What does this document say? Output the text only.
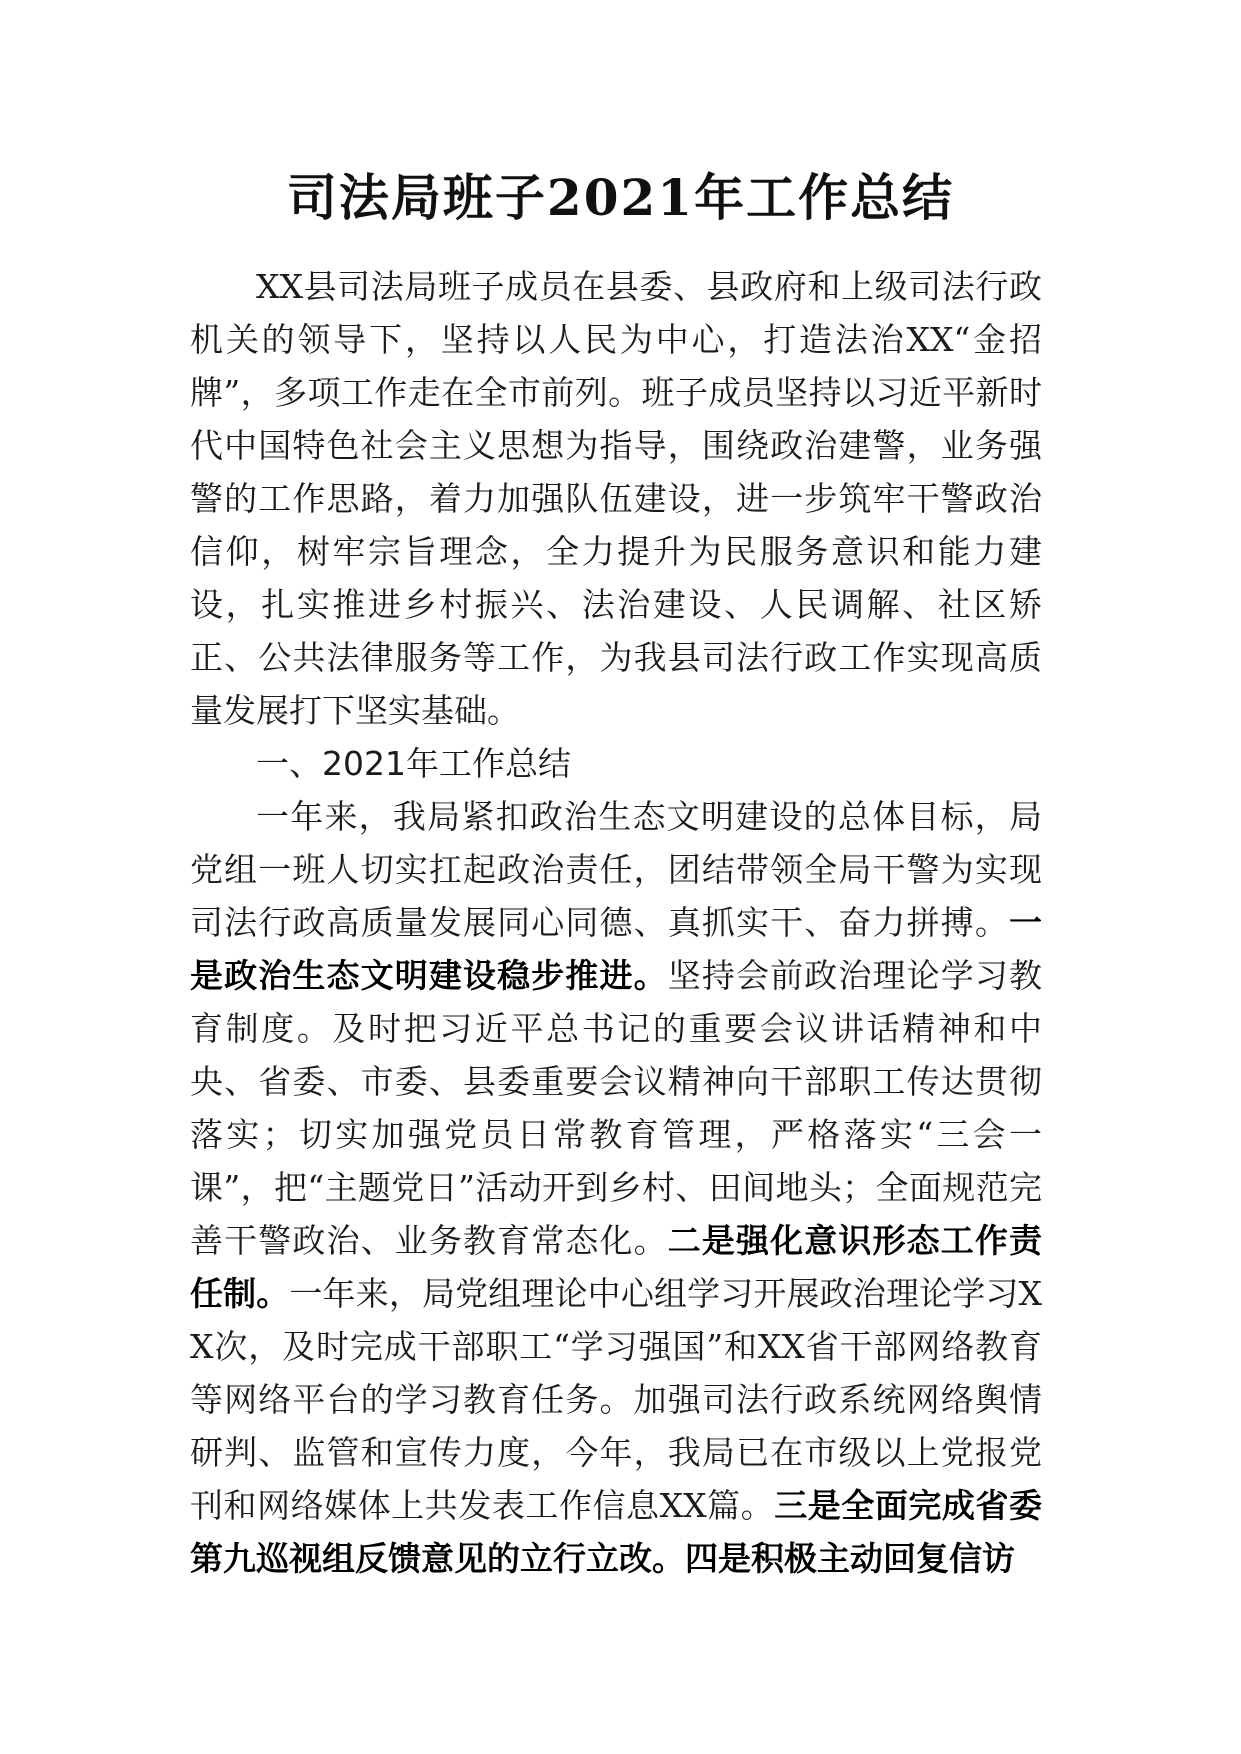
司法局班子2021年工作总结

XX县司法局班子成员在县委、县政府和上级司法行政机关的领导下，坚持以人民为中心，打造法治XX“金招牌”，多项工作走在全市前列。班子成员坚持以习近平新时代中国特色社会主义思想为指导，围绕政治建警，业务强警的工作思路，着力加强队伍建设，进一步筑牢干警政治信仰，树牢宗旨理念，全力提升为民服务意识和能力建设，扎实推进乡村振兴、法治建设、人民调解、社区矫正、公共法律服务等工作，为我县司法行政工作实现高质量发展打下坚实基础。

一、2021年工作总结

一年来，我局紧扣政治生态文明建设的总体目标，局党组一班人切实扛起政治责任，团结带领全局干警为实现司法行政高质量发展同心同德、真抓实干、奋力拼搏。一是政治生态文明建设稳步推进。坚持会前政治理论学习教育制度。及时把习近平总书记的重要会议讲话精神和中央、省委、市委、县委重要会议精神向干部职工传达贯彻落实；切实加强党员日常教育管理，严格落实“三会一课”，把“主题党日”活动开到乡村、田间地头；全面规范完善干警政治、业务教育常态化。二是强化意识形态工作责任制。一年来，局党组理论中心组学习开展政治理论学习XX次，及时完成干部职工“学习强国”和XX省干部网络教育等网络平台的学习教育任务。加强司法行政系统网络舆情研判、监管和宣传力度，今年，我局已在市级以上党报党刊和网络媒体上共发表工作信息XX篇。三是全面完成省委第九巡视组反馈意见的立行立改。四是积极主动回复信访
